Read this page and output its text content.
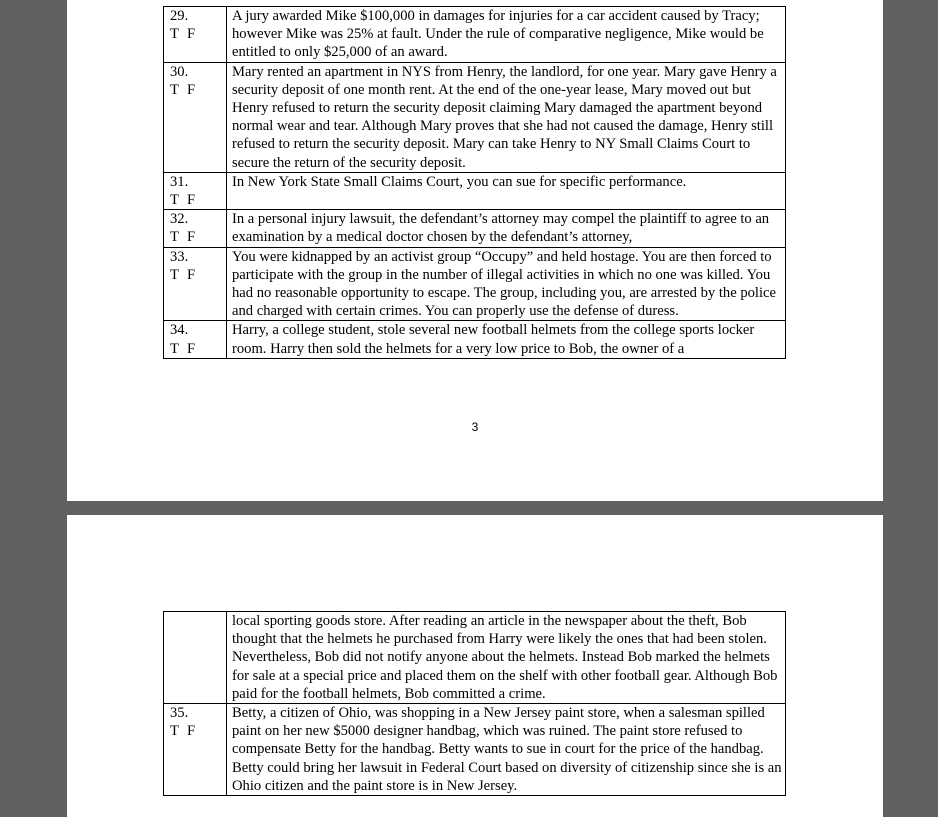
29.
T F	A jury awarded Mike $100,000 in damages for injuries for a car accident caused by Tracy; however Mike was 25% at fault. Under the rule of comparative negligence, Mike would be entitled to only $25,000 of an award.
30.
T F	Mary rented an apartment in NYS from Henry, the landlord, for one year. Mary gave Henry a security deposit of one month rent. At the end of the one-year lease, Mary moved out but Henry refused to return the security deposit claiming Mary damaged the apartment beyond normal wear and tear. Although Mary proves that she had not caused the damage, Henry still refused to return the security deposit. Mary can take Henry to NY Small Claims Court to secure the return of the security deposit.
31.
T F	In New York State Small Claims Court, you can sue for specific performance.
32.
T F	In a personal injury lawsuit, the defendant’s attorney may compel the plaintiff to agree to an examination by a medical doctor chosen by the defendant’s attorney,
33.
T F	You were kidnapped by an activist group “Occupy” and held hostage. You are then forced to participate with the group in the number of illegal activities in which no one was killed. You had no reasonable opportunity to escape. The group, including you, are arrested by the police and charged with certain crimes. You can properly use the defense of duress.
34.
T F	Harry, a college student, stole several new football helmets from the college sports locker room. Harry then sold the helmets for a very low price to Bob, the owner of a
3
	local sporting goods store. After reading an article in the newspaper about the theft, Bob thought that the helmets he purchased from Harry were likely the ones that had been stolen. Nevertheless, Bob did not notify anyone about the helmets. Instead Bob marked the helmets for sale at a special price and placed them on the shelf with other football gear. Although Bob paid for the football helmets, Bob committed a crime.
35.
T F	Betty, a citizen of Ohio, was shopping in a New Jersey paint store, when a salesman spilled paint on her new $5000 designer handbag, which was ruined. The paint store refused to compensate Betty for the handbag. Betty wants to sue in court for the price of the handbag. Betty could bring her lawsuit in Federal Court based on diversity of citizenship since she is an Ohio citizen and the paint store is in New Jersey.
